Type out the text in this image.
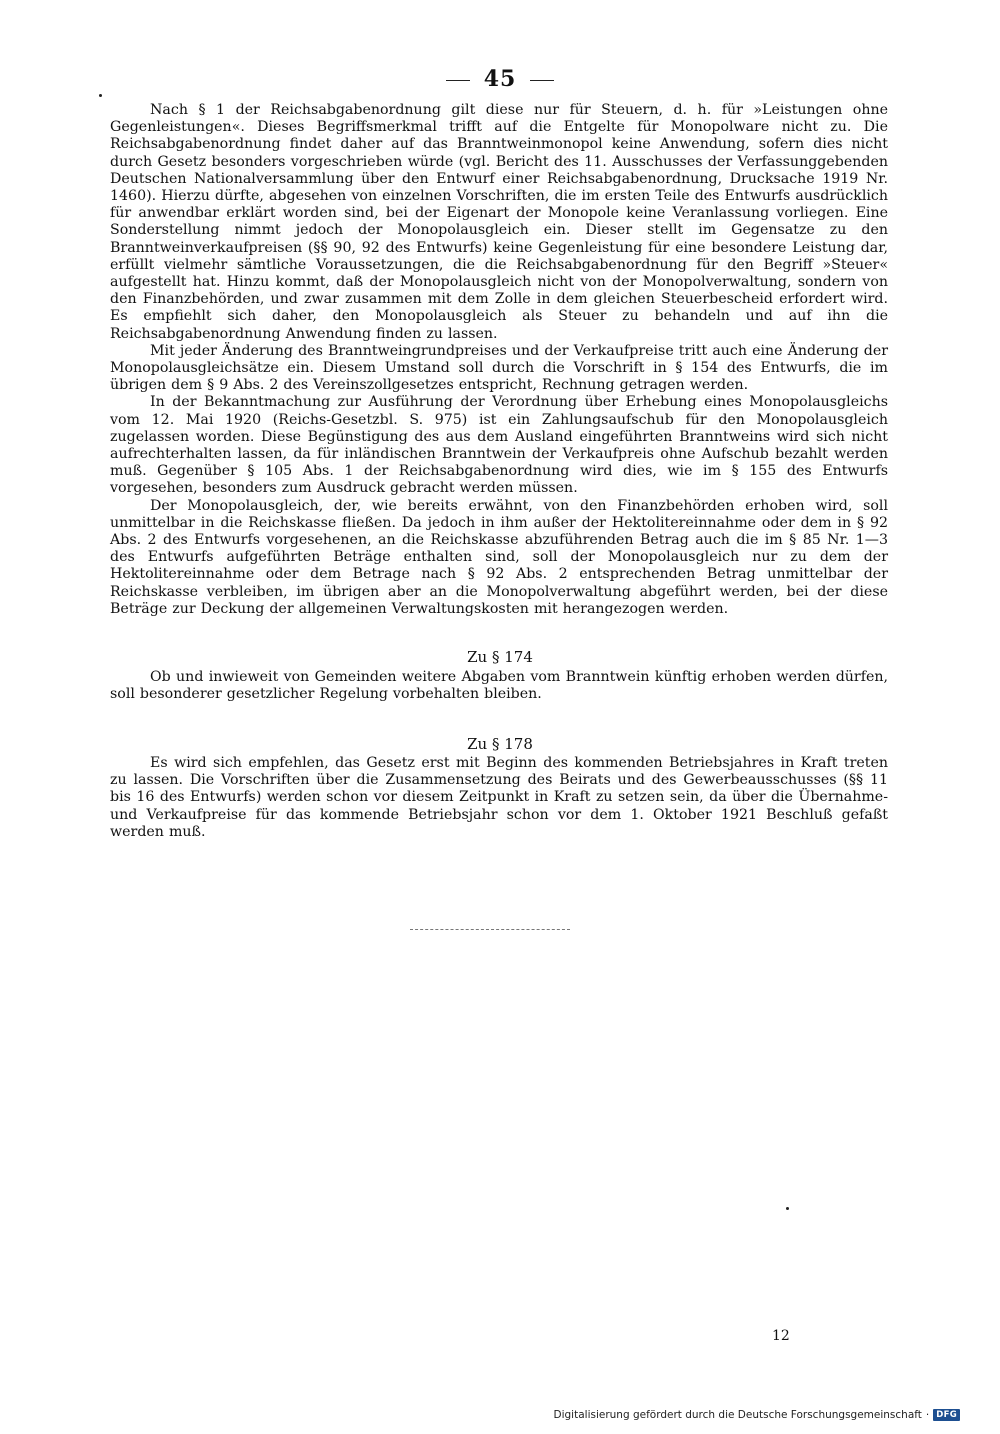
45

Nach § 1 der Reichsabgabenordnung gilt diese nur für Steuern, d. h. für »Leistungen ohne Gegenleistungen«. Dieses Begriffsmerkmal trifft auf die Entgelte für Monopolware nicht zu. Die Reichsabgabenordnung findet daher auf das Branntweinmonopol keine Anwendung, sofern dies nicht durch Gesetz besonders vorgeschrieben würde (vgl. Bericht des 11. Ausschusses der Verfassunggebenden Deutschen Nationalversammlung über den Entwurf einer Reichsabgabenordnung, Drucksache 1919 Nr. 1460). Hierzu dürfte, abgesehen von einzelnen Vorschriften, die im ersten Teile des Entwurfs ausdrücklich für anwendbar erklärt worden sind, bei der Eigenart der Monopole keine Veranlassung vorliegen. Eine Sonderstellung nimmt jedoch der Monopolausgleich ein. Dieser stellt im Gegensatze zu den Branntweinverkaufpreisen (§§ 90, 92 des Entwurfs) keine Gegenleistung für eine besondere Leistung dar, erfüllt vielmehr sämtliche Voraussetzungen, die die Reichsabgabenordnung für den Begriff »Steuer« aufgestellt hat. Hinzu kommt, daß der Monopolausgleich nicht von der Monopolverwaltung, sondern von den Finanzbehörden, und zwar zusammen mit dem Zolle in dem gleichen Steuerbescheid erfordert wird. Es empfiehlt sich daher, den Monopolausgleich als Steuer zu behandeln und auf ihn die Reichsabgabenordnung Anwendung finden zu lassen.

Mit jeder Änderung des Branntweingrundpreises und der Verkaufpreise tritt auch eine Änderung der Monopolausgleichsätze ein. Diesem Umstand soll durch die Vorschrift in § 154 des Entwurfs, die im übrigen dem § 9 Abs. 2 des Vereinszollgesetzes entspricht, Rechnung getragen werden.

In der Bekanntmachung zur Ausführung der Verordnung über Erhebung eines Monopolausgleichs vom 12. Mai 1920 (Reichs-Gesetzbl. S. 975) ist ein Zahlungsaufschub für den Monopolausgleich zugelassen worden. Diese Begünstigung des aus dem Ausland eingeführten Branntweins wird sich nicht aufrechterhalten lassen, da für inländischen Branntwein der Verkaufpreis ohne Aufschub bezahlt werden muß. Gegenüber § 105 Abs. 1 der Reichsabgabenordnung wird dies, wie im § 155 des Entwurfs vorgesehen, besonders zum Ausdruck gebracht werden müssen.

Der Monopolausgleich, der, wie bereits erwähnt, von den Finanzbehörden erhoben wird, soll unmittelbar in die Reichskasse fließen. Da jedoch in ihm außer der Hektolitereinnahme oder dem in § 92 Abs. 2 des Entwurfs vorgesehenen, an die Reichskasse abzuführenden Betrag auch die im § 85 Nr. 1—3 des Entwurfs aufgeführten Beträge enthalten sind, soll der Monopolausgleich nur zu dem der Hektolitereinnahme oder dem Betrage nach § 92 Abs. 2 entsprechenden Betrag unmittelbar der Reichskasse verbleiben, im übrigen aber an die Monopolverwaltung abgeführt werden, bei der diese Beträge zur Deckung der allgemeinen Verwaltungskosten mit herangezogen werden.

Zu § 174

Ob und inwieweit von Gemeinden weitere Abgaben vom Branntwein künftig erhoben werden dürfen, soll besonderer gesetzlicher Regelung vorbehalten bleiben.

Zu § 178

Es wird sich empfehlen, das Gesetz erst mit Beginn des kommenden Betriebsjahres in Kraft treten zu lassen. Die Vorschriften über die Zusammensetzung des Beirats und des Gewerbeausschusses (§§ 11 bis 16 des Entwurfs) werden schon vor diesem Zeitpunkt in Kraft zu setzen sein, da über die Übernahme- und Verkaufpreise für das kommende Betriebsjahr schon vor dem 1. Oktober 1921 Beschluß gefaßt werden muß.

12
Digitalisierung gefördert durch die Deutsche Forschungsgemeinschaft · DFG
